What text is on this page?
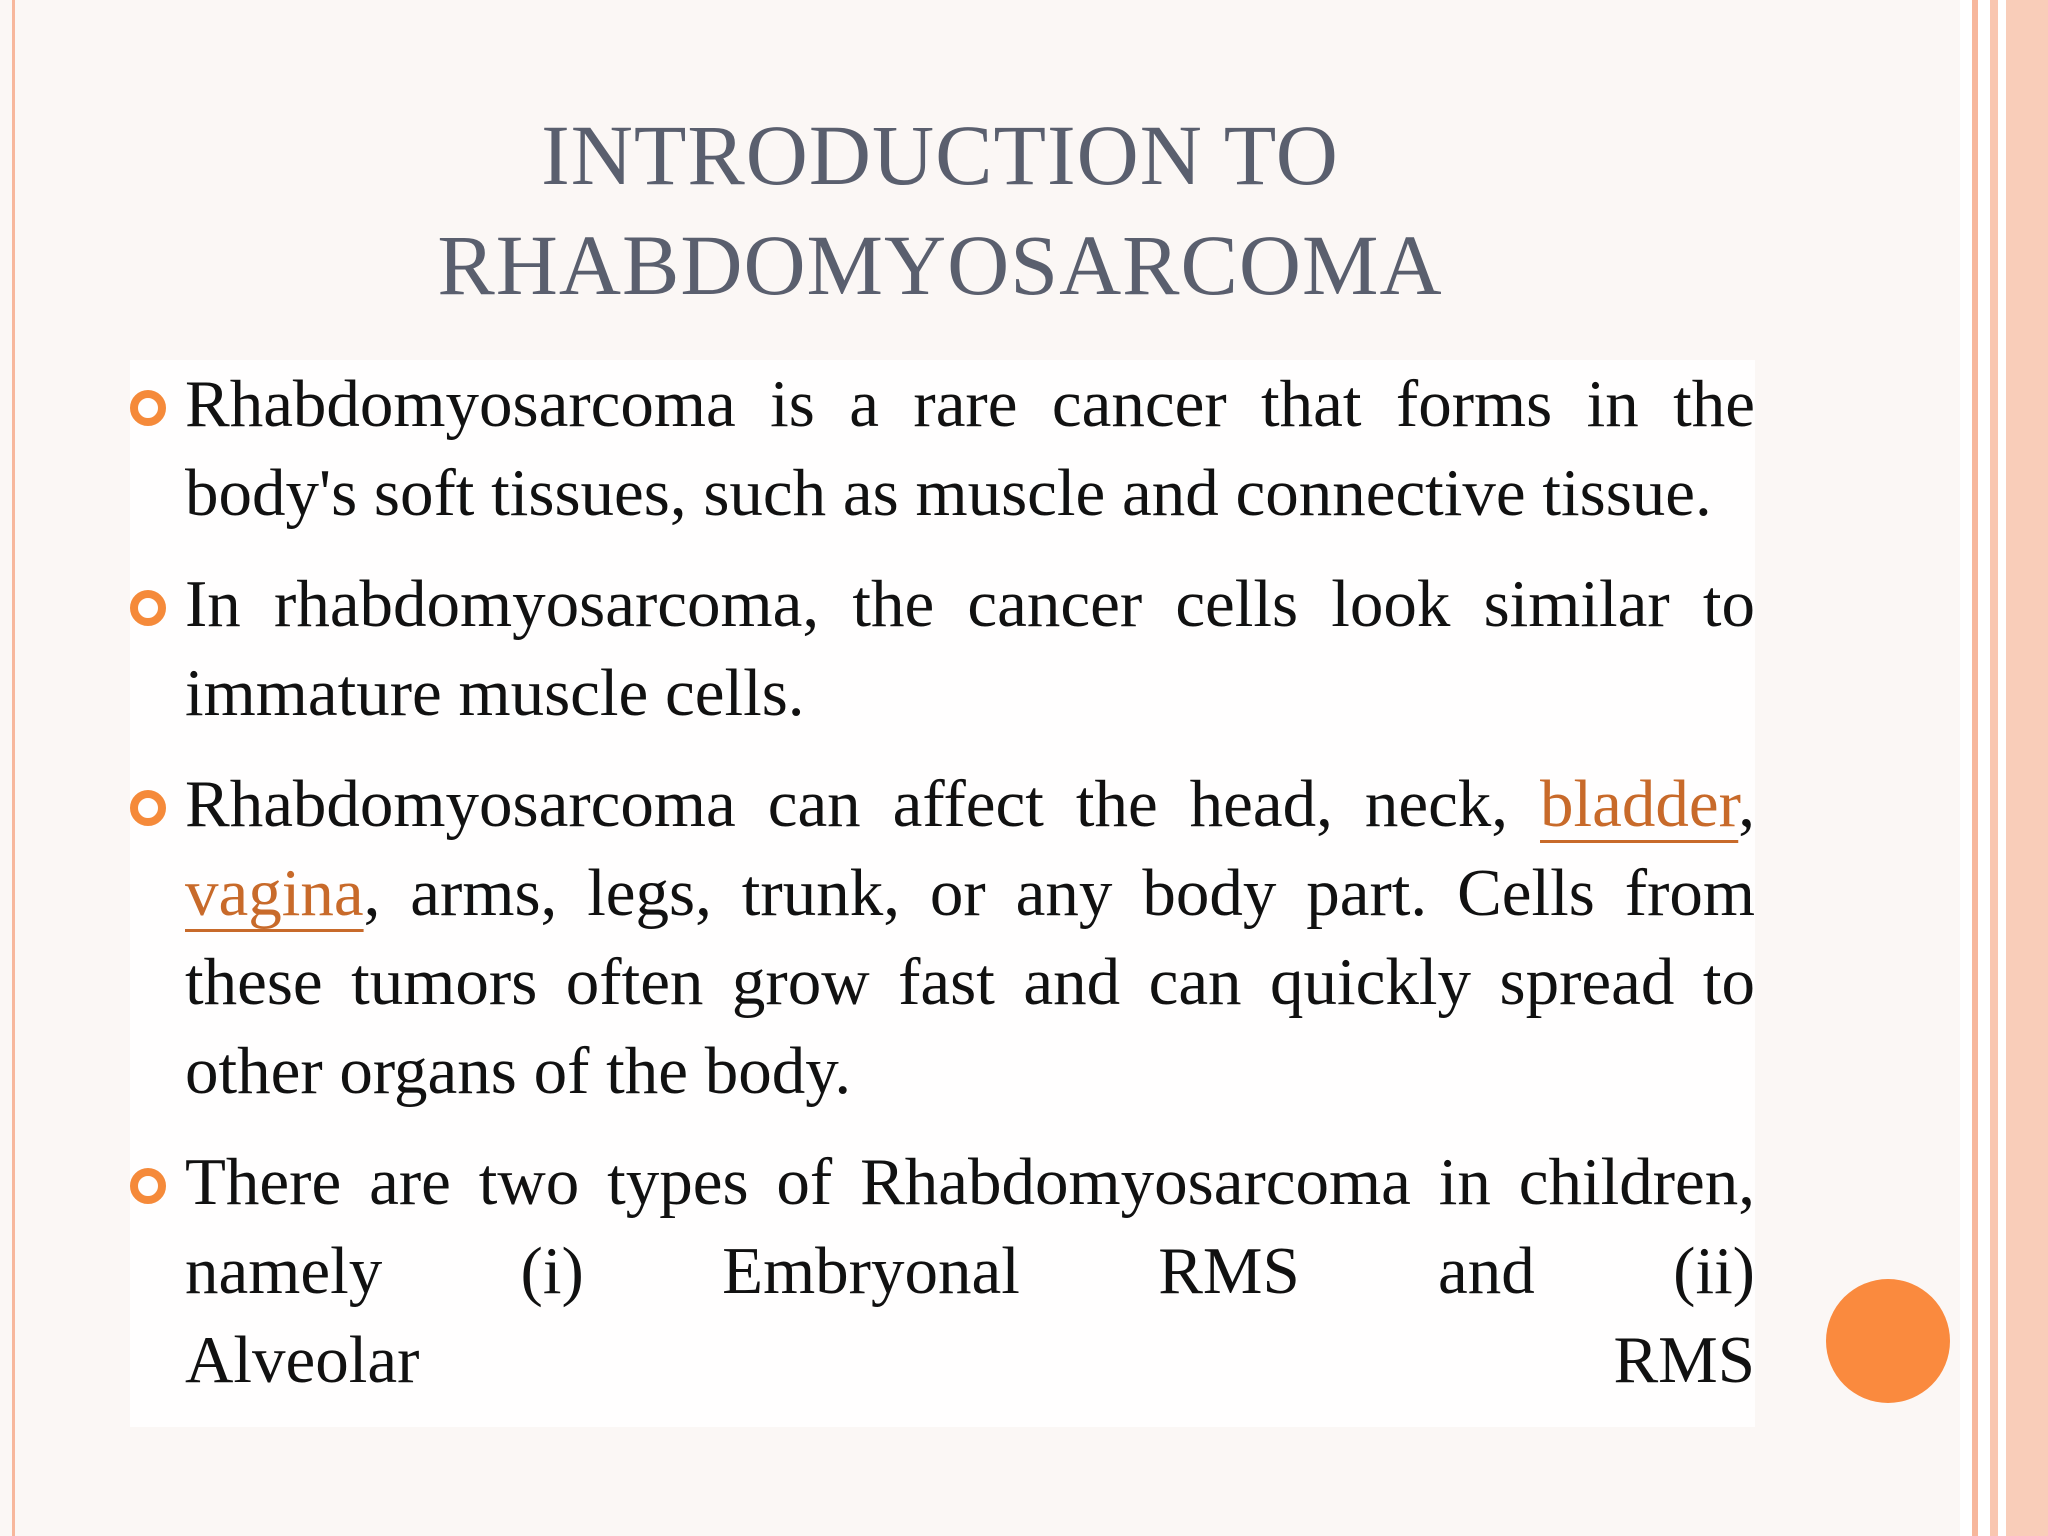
INTRODUCTION TO
RHABDOMYOSARCOMA
Rhabdomyosarcoma is a rare cancer that forms in the body's soft tissues, such as muscle and connective tissue.
In rhabdomyosarcoma, the cancer cells look similar to immature muscle cells.
Rhabdomyosarcoma can affect the head, neck, bladder, vagina, arms, legs, trunk, or any body part. Cells from these tumors often grow fast and can quickly spread to other organs of the body.
There are two types of Rhabdomyosarcoma in children, namely (i) Embryonal RMS and (ii)
Alveolar	RMS
